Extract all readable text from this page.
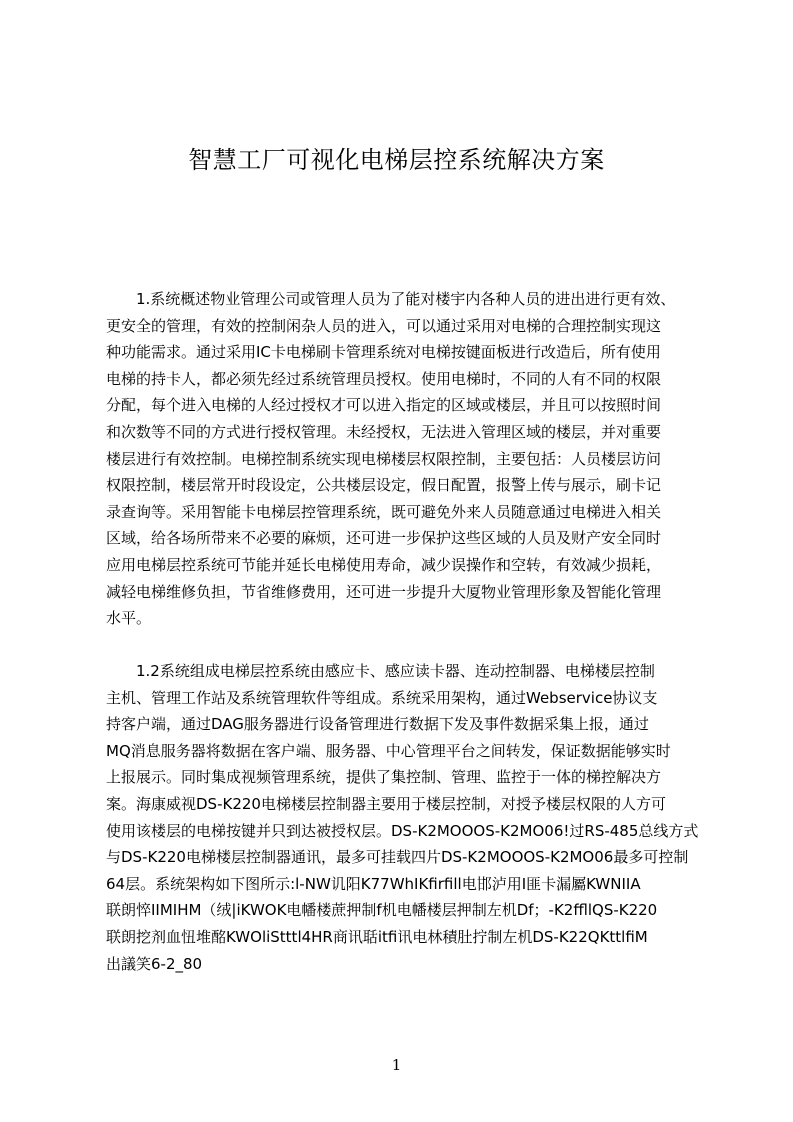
智慧工厂可视化电梯层控系统解决方案
　　1.系统概述物业管理公司或管理人员为了能对楼宇内各种人员的进出进行更有效、
更安全的管理，有效的控制闲杂人员的进入，可以通过采用对电梯的合理控制实现这
种功能需求。通过采用IC卡电梯刷卡管理系统对电梯按键面板进行改造后，所有使用
电梯的持卡人，都必须先经过系统管理员授权。使用电梯时，不同的人有不同的权限
分配，每个进入电梯的人经过授权才可以进入指定的区域或楼层，并且可以按照时间
和次数等不同的方式进行授权管理。未经授权，无法进入管理区域的楼层，并对重要
楼层进行有效控制。电梯控制系统实现电梯楼层权限控制，主要包括：人员楼层访问
权限控制，楼层常开时段设定，公共楼层设定，假日配置，报警上传与展示，刷卡记
录查询等。采用智能卡电梯层控管理系统，既可避免外来人员随意通过电梯进入相关
区域，给各场所带来不必要的麻烦，还可进一步保护这些区域的人员及财产安全同时
应用电梯层控系统可节能并延长电梯使用寿命，减少误操作和空转，有效减少损耗，
减轻电梯维修负担，节省维修费用，还可进一步提升大厦物业管理形象及智能化管理
水平。
　　1.2系统组成电梯层控系统由感应卡、感应读卡器、连动控制器、电梯楼层控制
主机、管理工作站及系统管理软件等组成。系统采用架构，通过Webservice协议支
持客户端，通过DAG服务器进行设备管理进行数据下发及事件数据采集上报，通过
MQ消息服务器将数据在客户端、服务器、中心管理平台之间转发，保证数据能够实时
上报展示。同时集成视频管理系统，提供了集控制、管理、监控于一体的梯控解决方
案。海康威视DS-K220电梯楼层控制器主要用于楼层控制，对授予楼层权限的人方可
使用该楼层的电梯按键并只到达被授权层。DS-K2MOOOS-K2MO06!过RS-485总线方式
与DS-K220电梯楼层控制器通讯，最多可挂载四片DS-K2MOOOS-K2MO06最多可控制
64层。系统架构如下图所示:l-NW讥阳K77WhIKfirfill电邯泸用I匪卡漏屬KWNIIA
联朗悴IIMIHM（绒|iKWOK电幡楼蔗押制f机电幡楼层押制左机Df；-K2ffllQS-K220
联朗挖剂血忸堆酩KWOliStttl4HR商讯聒itfi讯电林積肚拧制左机DS-K22QKttlfiM
出議笑6-2_80
1
